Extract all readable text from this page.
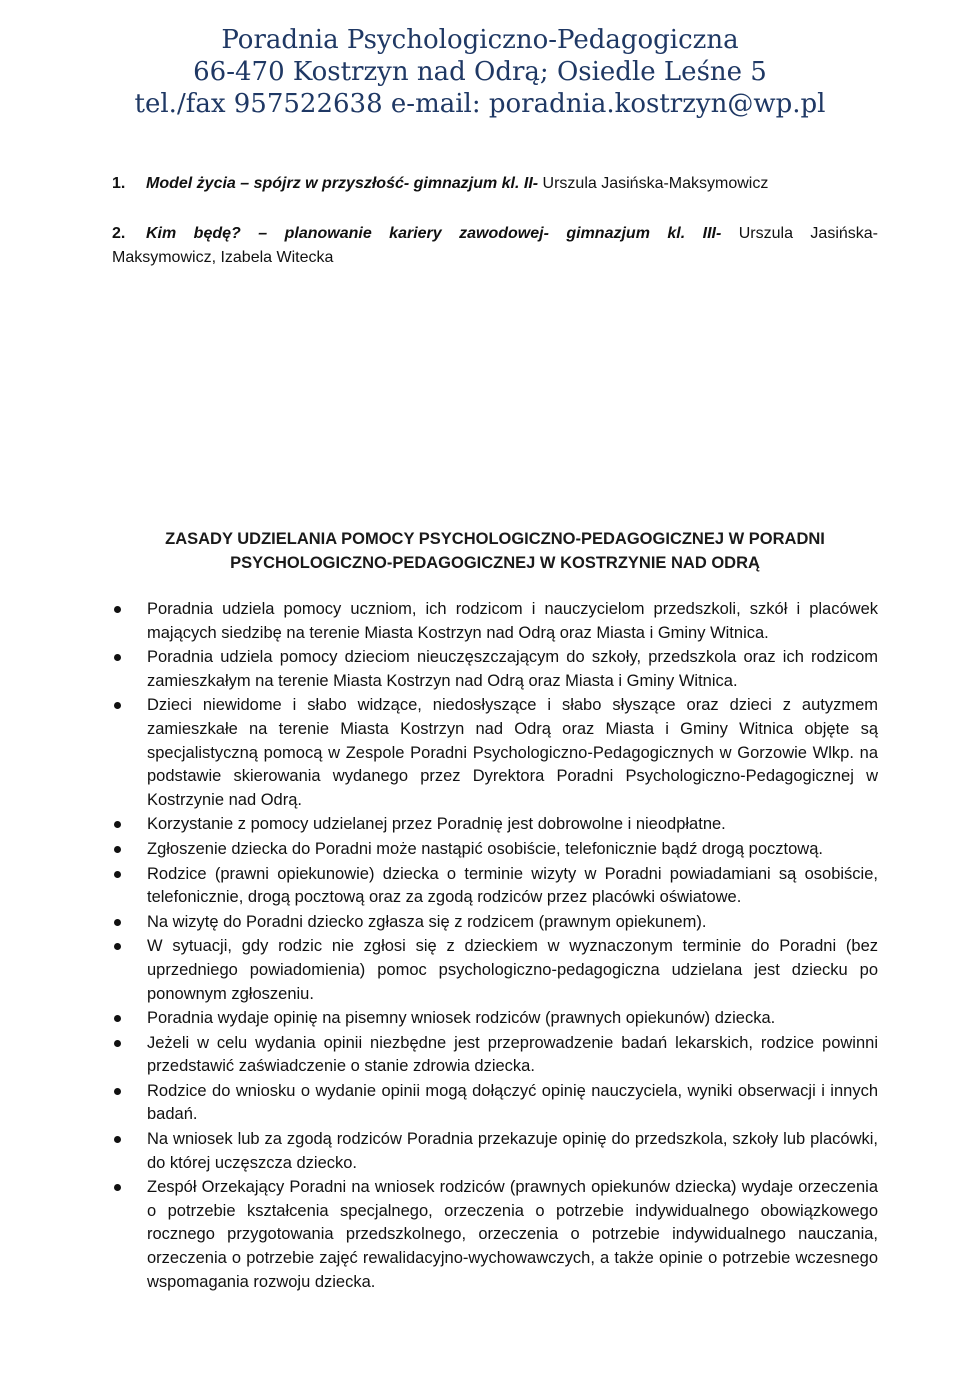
Poradnia Psychologiczno-Pedagogiczna
66-470 Kostrzyn nad Odrą; Osiedle Leśne 5
tel./fax 957522638 e-mail: poradnia.kostrzyn@wp.pl
1. Model życia – spójrz w przyszłość- gimnazjum kl. II- Urszula Jasińska-Maksymowicz
2. Kim będę? – planowanie kariery zawodowej- gimnazjum kl. III- Urszula Jasińska-
Maksymowicz, Izabela Witecka
ZASADY UDZIELANIA POMOCY PSYCHOLOGICZNO-PEDAGOGICZNEJ W PORADNI
PSYCHOLOGICZNO-PEDAGOGICZNEJ W KOSTRZYNIE NAD ODRĄ
Poradnia udziela pomocy uczniom, ich rodzicom i nauczycielom przedszkoli, szkół i placówek mających siedzibę na terenie Miasta Kostrzyn nad Odrą oraz Miasta i Gminy Witnica.
Poradnia udziela pomocy dzieciom nieuczęszczającym do szkoły, przedszkola oraz ich rodzicom zamieszkałym na terenie Miasta Kostrzyn nad Odrą oraz Miasta i Gminy Witnica.
Dzieci niewidome i słabo widzące, niedosłyszące i słabo słyszące oraz dzieci z autyzmem zamieszkałe na terenie Miasta Kostrzyn nad Odrą oraz Miasta i Gminy Witnica objęte są specjalistyczną pomocą w Zespole Poradni Psychologiczno-Pedagogicznych w Gorzowie Wlkp. na podstawie skierowania wydanego przez Dyrektora Poradni Psychologiczno-Pedagogicznej w Kostrzynie nad Odrą.
Korzystanie z pomocy udzielanej przez Poradnię jest dobrowolne i nieodpłatne.
Zgłoszenie dziecka do Poradni może nastąpić osobiście, telefonicznie bądź drogą pocztową.
Rodzice (prawni opiekunowie) dziecka o terminie wizyty w Poradni powiadamiani są osobiście, telefonicznie, drogą pocztową oraz za zgodą rodziców przez placówki oświatowe.
Na wizytę do Poradni dziecko zgłasza się z rodzicem (prawnym opiekunem).
W sytuacji, gdy rodzic nie zgłosi się z dzieckiem w wyznaczonym terminie do Poradni (bez uprzedniego powiadomienia) pomoc psychologiczno-pedagogiczna udzielana jest dziecku po ponownym zgłoszeniu.
Poradnia wydaje opinię na pisemny wniosek rodziców (prawnych opiekunów) dziecka.
Jeżeli w celu wydania opinii niezbędne jest przeprowadzenie badań lekarskich, rodzice powinni przedstawić zaświadczenie o stanie zdrowia dziecka.
Rodzice do wniosku o wydanie opinii mogą dołączyć opinię nauczyciela, wyniki obserwacji i innych badań.
Na wniosek lub za zgodą rodziców Poradnia przekazuje opinię do przedszkola, szkoły lub placówki, do której uczęszcza dziecko.
Zespół Orzekający Poradni na wniosek rodziców (prawnych opiekunów dziecka) wydaje orzeczenia o potrzebie kształcenia specjalnego, orzeczenia o potrzebie indywidualnego obowiązkowego rocznego przygotowania przedszkolnego, orzeczenia o potrzebie indywidualnego nauczania, orzeczenia o potrzebie zajęć rewalidacyjno-wychowawczych, a także opinie o potrzebie wczesnego wspomagania rozwoju dziecka.
